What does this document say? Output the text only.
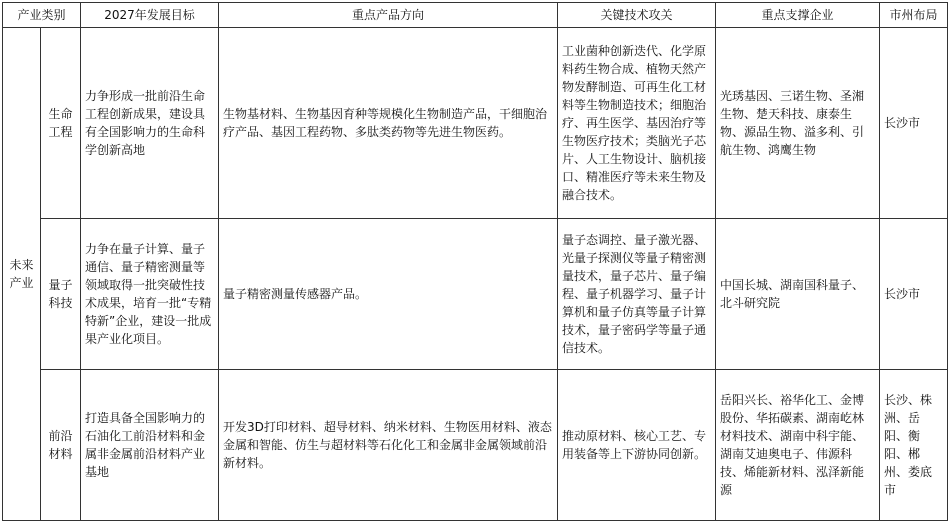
产业类别		2027年发展目标	重点产品方向	关键技术攻关	重点支撑企业	市州布局
未来产业	生命工程	力争形成一批前沿生命工程创新成果，建设具有全国影响力的生命科学创新高地	生物基材料、生物基因育种等规模化生物制造产品，干细胞治疗产品、基因工程药物、多肽类药物等先进生物医药。	工业菌种创新迭代、化学原料药生物合成、植物天然产物发酵制造、可再生化工材料等生物制造技术；细胞治疗、再生医学、基因治疗等生物医疗技术；类脑光子芯片、人工生物设计、脑机接口、精准医疗等未来生物及融合技术。	光琇基因、三诺生物、圣湘生物、楚天科技、康泰生物、源品生物、溢多利、引航生物、鸿鹰生物	长沙市
	量子科技	力争在量子计算、量子通信、量子精密测量等领域取得一批突破性技术成果，培育一批“专精特新”企业，建设一批成果产业化项目。	量子精密测量传感器产品。	量子态调控、量子激光器、光量子探测仪等量子精密测量技术，量子芯片、量子编程、量子机器学习、量子计算机和量子仿真等量子计算技术，量子密码学等量子通信技术。	中国长城、湖南国科量子、北斗研究院	长沙市
	前沿材料	打造具备全国影响力的石油化工前沿材料和金属非金属前沿材料产业基地	开发3D打印材料、超导材料、纳米材料、生物医用材料、液态金属和智能、仿生与超材料等石化化工和金属非金属领域前沿新材料。	推动原材料、核心工艺、专用装备等上下游协同创新。	岳阳兴长、裕华化工、金博股份、华拓碳素、湖南屹林材料技术、湖南中科宇能、湖南艾迪奥电子、伟源科技、烯能新材料、泓泽新能源	长沙、株洲、岳阳、衡阳、郴州、娄底市
